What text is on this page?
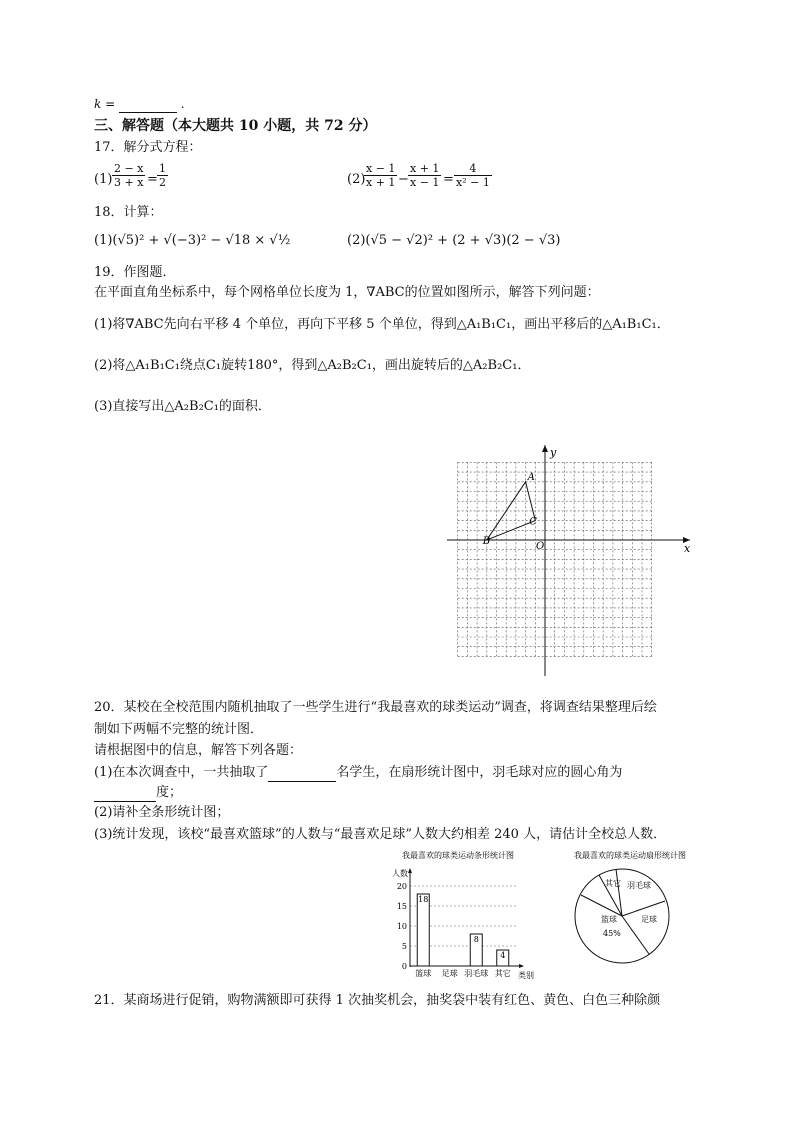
k =	.
三、解答题（本大题共 10 小题，共 72 分）
17．解分式方程：
$(1) \frac{2 - x}{3 + x} = \frac{1}{2}$	(2)
$\frac{x - 1}{x + 1} - \frac{x + 1}{x - 1} = \frac{4}{\text{x² − 1}}$
18．计算：
(1)(√5)² + √(−3)² − √18 × √½	(2)(√5 − √2)² + (2 + √3)(2 − √3)
19．作图题．
在平面直角坐标系中，每个网格单位长度为 1，∇ABC的位置如图所示，解答下列问题：
(1)将∇ABC先向右平移 4 个单位，再向下平移 5 个单位，得到△A₁B₁C₁，画出平移后的△A₁B₁C₁．
(2)将△A₁B₁C₁绕点C₁旋转180°，得到△A₂B₂C₁，画出旋转后的△A₂B₂C₁．
(3)直接写出△A₂B₂C₁的面积．
x
y
O
A
B
C
20．某校在全校范围内随机抽取了一些学生进行“我最喜欢的球类运动”调查，将调查结果整理后绘
制如下两幅不完整的统计图．
请根据图中的信息，解答下列各题：
(1)在本次调查中，一共抽取了	名学生，在扇形统计图中，羽毛球对应的圆心角为
度；
(2)请补全条形统计图；
(3)统计发现，该校“最喜欢篮球”的人数与“最喜欢足球”人数大约相差 240 人，请估计全校总人数．
我最喜欢的球类运动条形统计图
人数
类别
0
5
10
15
20
篮球
18
足球 羽毛球
8
其它
4
我最喜欢的球类运动扇形统计图
其它 羽毛球
足球
篮球
45%
21．某商场进行促销，购物满额即可获得 1 次抽奖机会，抽奖袋中装有红色、黄色、白色三种除颜
